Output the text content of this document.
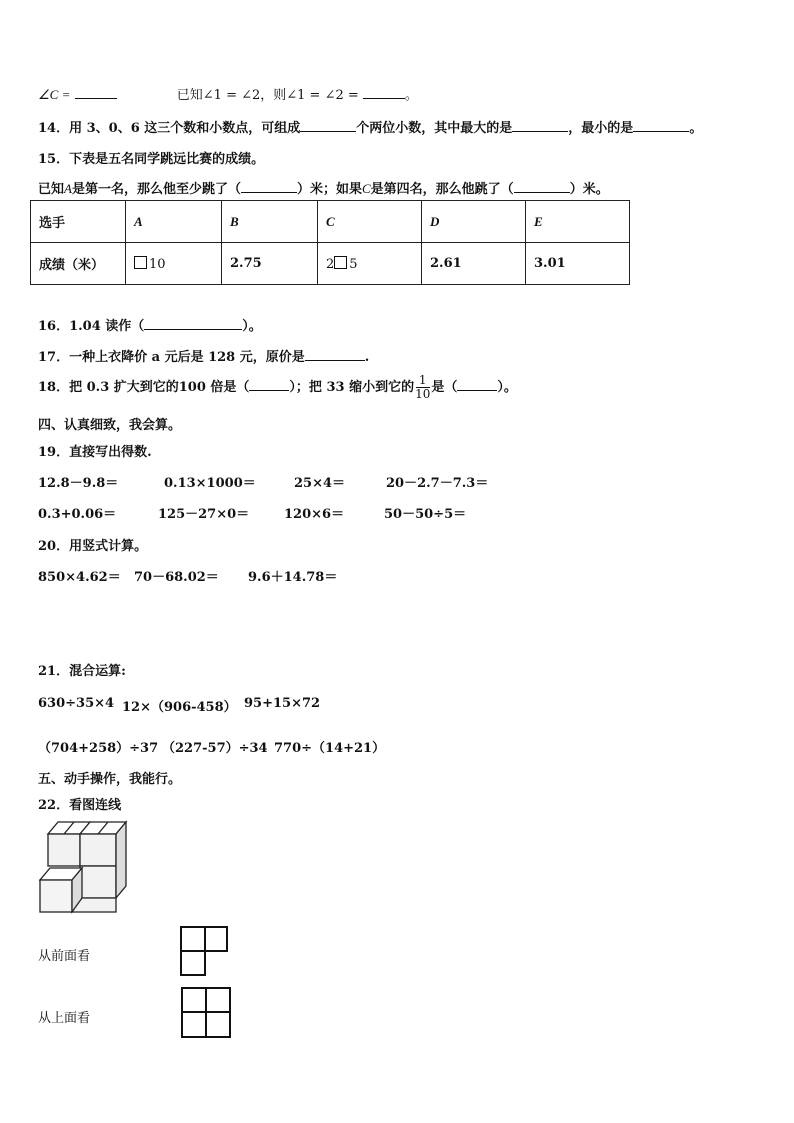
∠C =	已知∠1 = ∠2，则∠1 = ∠2 =	。
14．用 3、0、6 这三个数和小数点，可组成	个两位小数，其中最大的是	，最小的是	。
15．下表是五名同学跳远比赛的成绩。
已知A是第一名，那么他至少跳了（	）米；如果C是第四名，那么他跳了（	）米。
选手	A	B	C	D	E
成绩（米）	10	2.75	2 5	2.61	3.01
16．1.04 读作（	）。
17．一种上衣降价 a 元后是 128 元，原价是	.
18．把 0.3 扩大到它的100 倍是（	）；把 33 缩小到它的 $\frac{1}{10}$ 是（	）。
四、认真细致，我会算。
19．直接写出得数.
12.8－9.8＝	0.13×1000＝	25×4＝	20－2.7－7.3＝
0.3+0.06＝	125－27×0＝	120×6＝	50－50÷5＝
20．用竖式计算。
850×4.62＝ 70－68.02＝ 9.6＋14.78＝
21．混合运算:
630÷35×4 12×（906-458） 95+15×72
（704+258）÷37 （227-57）÷34 770÷（14+21）
五、动手操作，我能行。
22．看图连线
从前面看
从上面看
